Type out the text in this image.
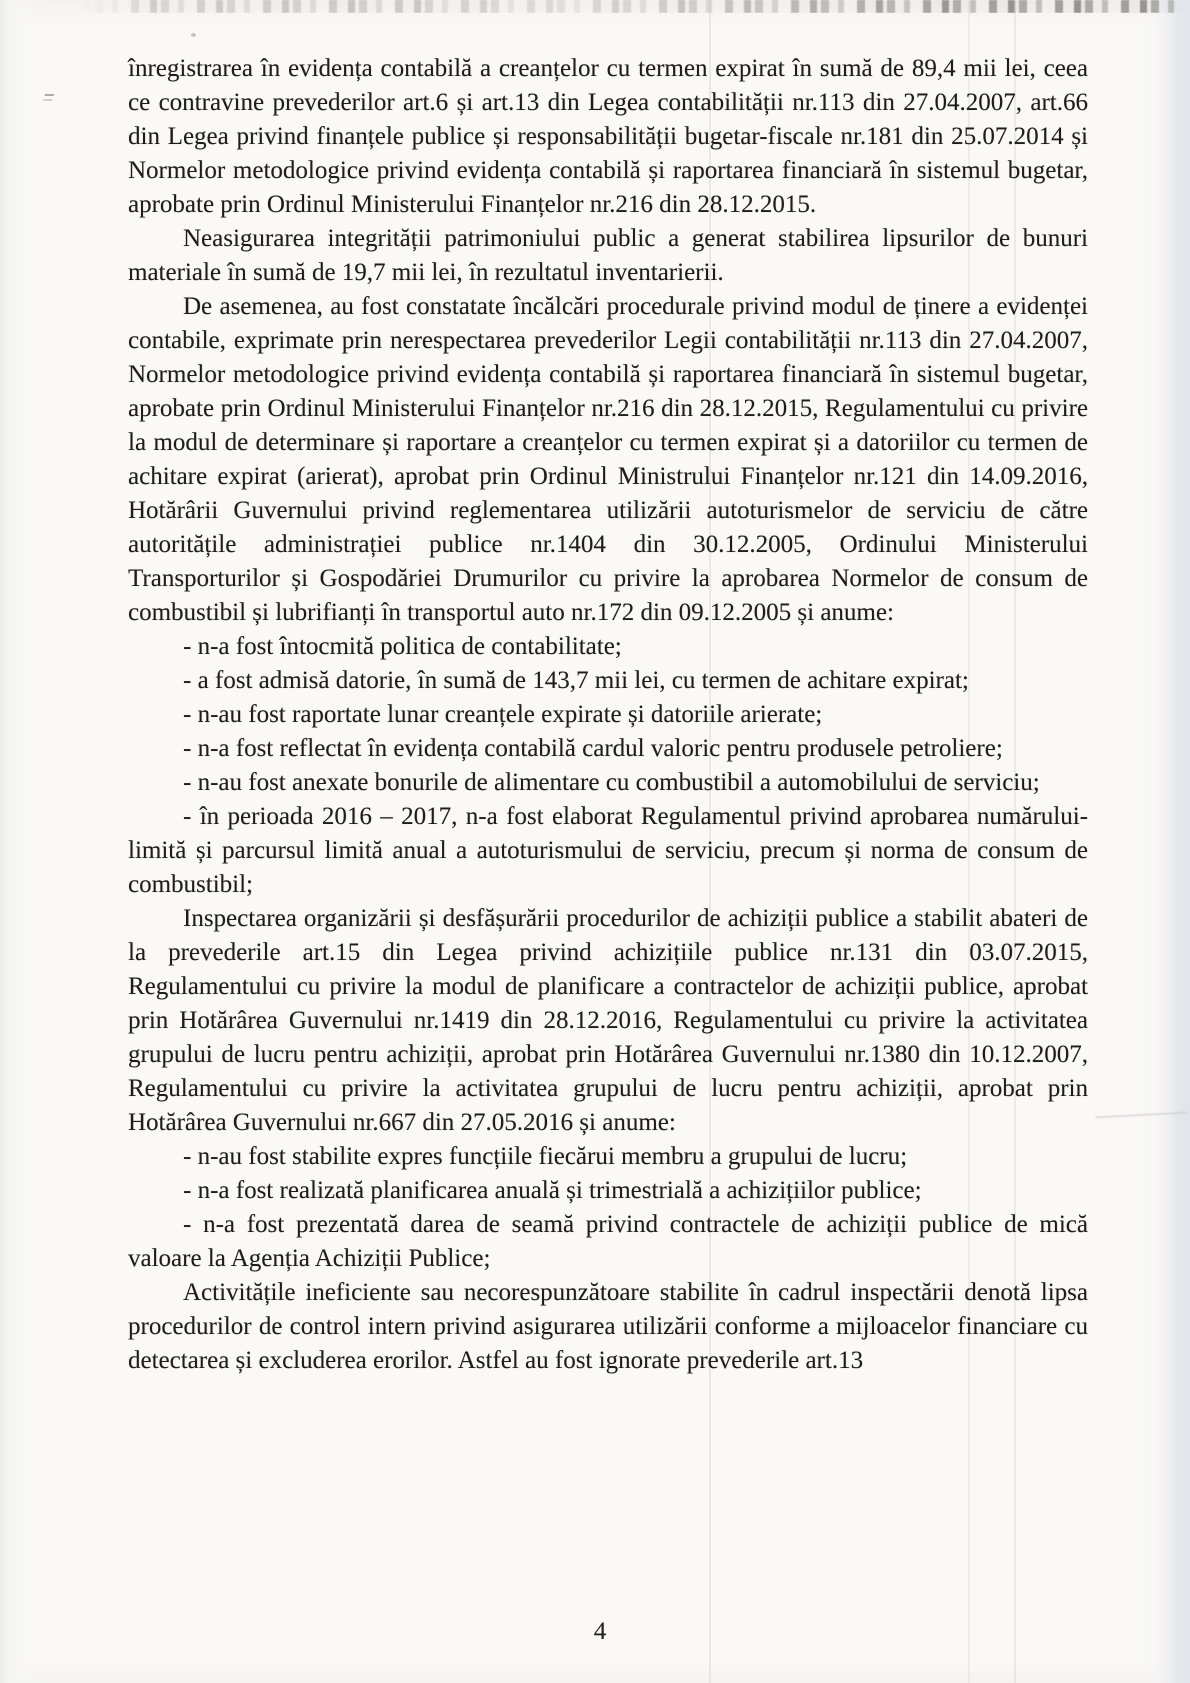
înregistrarea în evidența contabilă a creanțelor cu termen expirat în sumă de 89,4 mii lei, ceea ce contravine prevederilor art.6 și art.13 din Legea contabilității nr.113 din 27.04.2007, art.66 din Legea privind finanțele publice și responsabilității bugetar-fiscale nr.181 din 25.07.2014 și Normelor metodologice privind evidența contabilă și raportarea financiară în sistemul bugetar, aprobate prin Ordinul Ministerului Finanțelor nr.216 din 28.12.2015.

Neasigurarea integrității patrimoniului public a generat stabilirea lipsurilor de bunuri materiale în sumă de 19,7 mii lei, în rezultatul inventarierii.

De asemenea, au fost constatate încălcări procedurale privind modul de ținere a evidenței contabile, exprimate prin nerespectarea prevederilor Legii contabilității nr.113 din 27.04.2007, Normelor metodologice privind evidența contabilă și raportarea financiară în sistemul bugetar, aprobate prin Ordinul Ministerului Finanțelor nr.216 din 28.12.2015, Regulamentului cu privire la modul de determinare și raportare a creanțelor cu termen expirat și a datoriilor cu termen de achitare expirat (arierat), aprobat prin Ordinul Ministrului Finanțelor nr.121 din 14.09.2016, Hotărârii Guvernului privind reglementarea utilizării autoturismelor de serviciu de către autoritățile administrației publice nr.1404 din 30.12.2005, Ordinului Ministerului Transporturilor și Gospodăriei Drumurilor cu privire la aprobarea Normelor de consum de combustibil și lubrifianți în transportul auto nr.172 din 09.12.2005 și anume:

- n-a fost întocmită politica de contabilitate;

- a fost admisă datorie, în sumă de 143,7 mii lei, cu termen de achitare expirat;

- n-au fost raportate lunar creanțele expirate și datoriile arierate;

- n-a fost reflectat în evidența contabilă cardul valoric pentru produsele petroliere;

- n-au fost anexate bonurile de alimentare cu combustibil a automobilului de serviciu;

- în perioada 2016 – 2017, n-a fost elaborat Regulamentul privind aprobarea numărului-limită și parcursul limită anual a autoturismului de serviciu, precum și norma de consum de combustibil;

Inspectarea organizării și desfășurării procedurilor de achiziții publice a stabilit abateri de la prevederile art.15 din Legea privind achizițiile publice nr.131 din 03.07.2015, Regulamentului cu privire la modul de planificare a contractelor de achiziții publice, aprobat prin Hotărârea Guvernului nr.1419 din 28.12.2016, Regulamentului cu privire la activitatea grupului de lucru pentru achiziții, aprobat prin Hotărârea Guvernului nr.1380 din 10.12.2007, Regulamentului cu privire la activitatea grupului de lucru pentru achiziții, aprobat prin Hotărârea Guvernului nr.667 din 27.05.2016 și anume:

- n-au fost stabilite expres funcțiile fiecărui membru a grupului de lucru;

- n-a fost realizată planificarea anuală și trimestrială a achizițiilor publice;

- n-a fost prezentată darea de seamă privind contractele de achiziții publice de mică valoare la Agenția Achiziții Publice;

Activitățile ineficiente sau necorespunzătoare stabilite în cadrul inspectării denotă lipsa procedurilor de control intern privind asigurarea utilizării conforme a mijloacelor financiare cu detectarea și excluderea erorilor. Astfel au fost ignorate prevederile art.13

4
